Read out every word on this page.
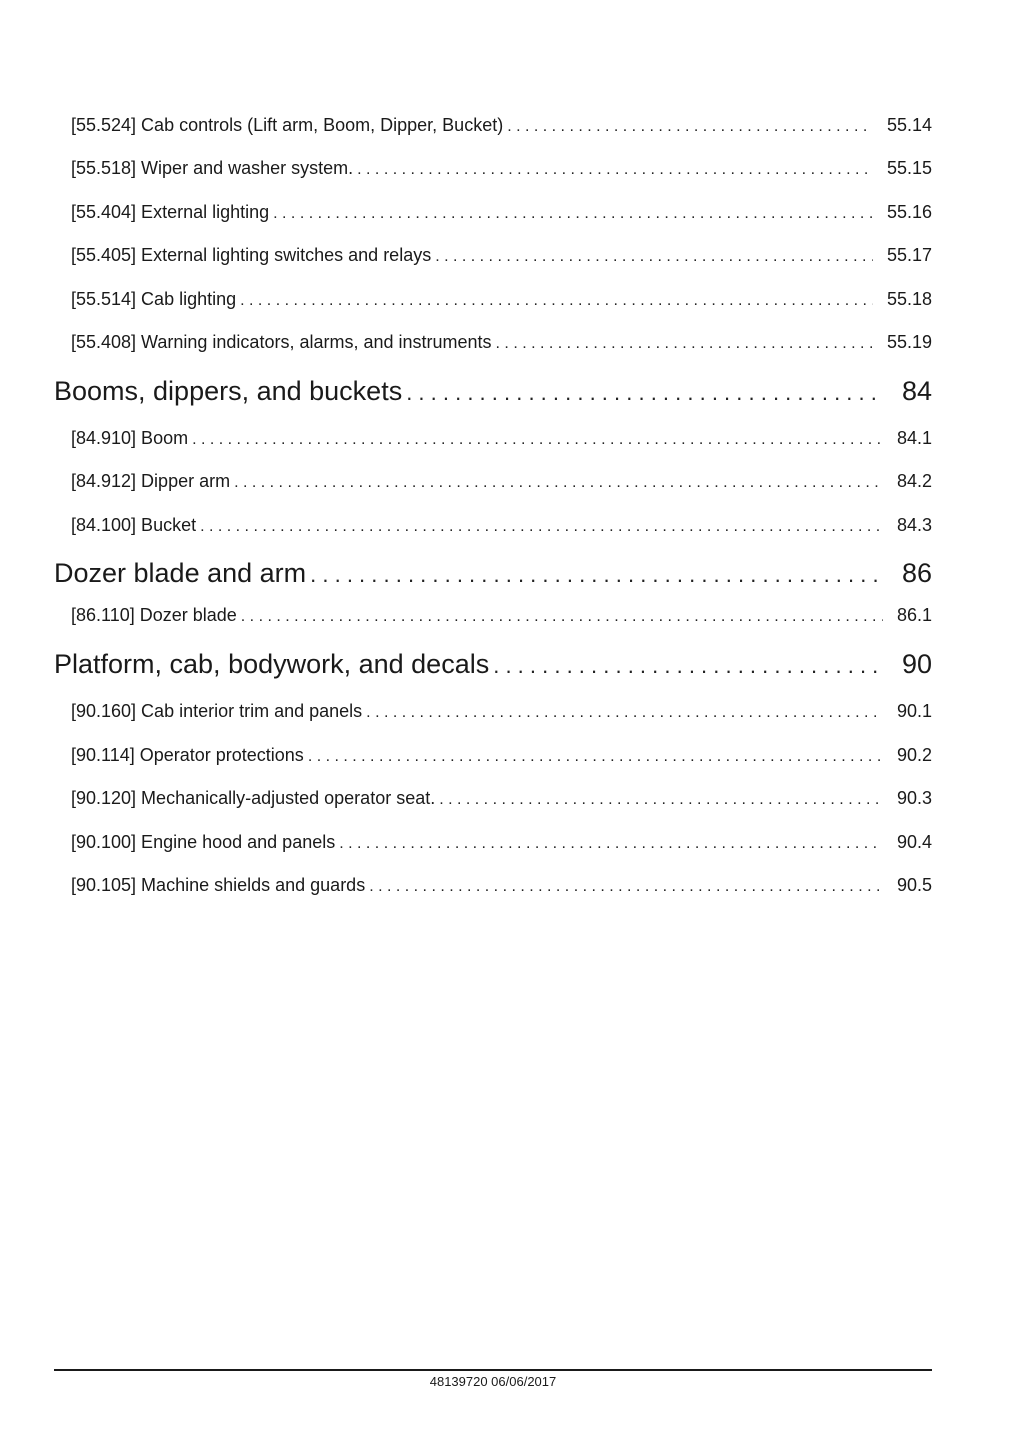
[55.524] Cab controls (Lift arm, Boom, Dipper, Bucket) . . .	55.14
[55.518] Wiper and washer system. . . .	55.15
[55.404] External lighting . . .	55.16
[55.405] External lighting switches and relays . . .	55.17
[55.514] Cab lighting . . .	55.18
[55.408] Warning indicators, alarms, and instruments . . .	55.19
Booms, dippers, and buckets . . .	84
[84.910] Boom . . .	84.1
[84.912] Dipper arm . . .	84.2
[84.100] Bucket . . .	84.3
Dozer blade and arm . . .	86
[86.110] Dozer blade . . .	86.1
Platform, cab, bodywork, and decals . . .	90
[90.160] Cab interior trim and panels . . .	90.1
[90.114] Operator protections . . .	90.2
[90.120] Mechanically-adjusted operator seat. . . .	90.3
[90.100] Engine hood and panels . . .	90.4
[90.105] Machine shields and guards . . .	90.5
48139720 06/06/2017
